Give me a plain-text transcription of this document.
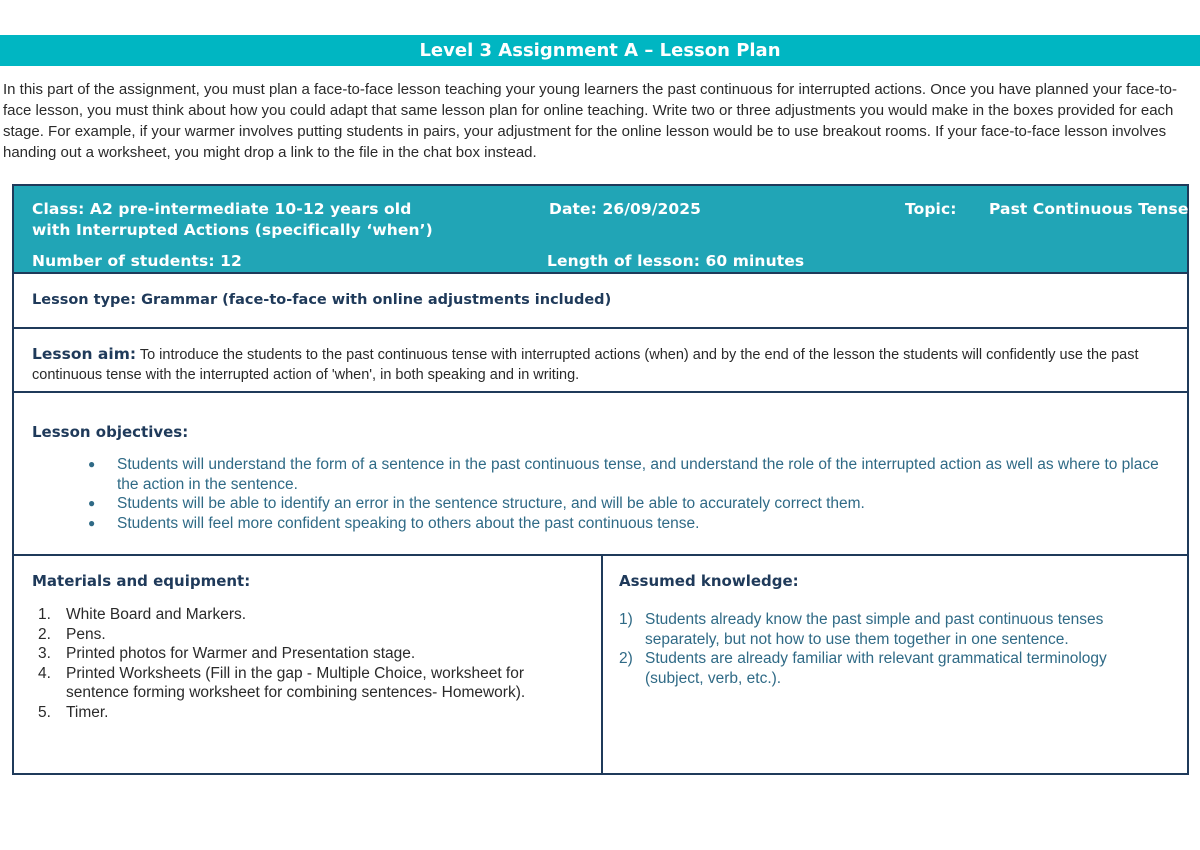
Level 3 Assignment A – Lesson Plan
In this part of the assignment, you must plan a face-to-face lesson teaching your young learners the past continuous for interrupted actions. Once you have planned your face-to-face lesson, you must think about how you could adapt that same lesson plan for online teaching. Write two or three adjustments you would make in the boxes provided for each stage. For example, if your warmer involves putting students in pairs, your adjustment for the online lesson would be to use breakout rooms. If your face-to-face lesson involves handing out a worksheet, you might drop a link to the file in the chat box instead.
Class: A2 pre-intermediate 10-12 years old
with Interrupted Actions (specifically ‘when’)
Date: 26/09/2025	Topic: Past Continuous Tense
Number of students: 12	Length of lesson: 60 minutes
Lesson type: Grammar (face-to-face with online adjustments included)
Lesson aim: To introduce the students to the past continuous tense with interrupted actions (when) and by the end of the lesson the students will confidently use the past continuous tense with the interrupted action of 'when', in both speaking and in writing.
Lesson objectives:
● Students will understand the form of a sentence in the past continuous tense, and understand the role of the interrupted action as well as where to place the action in the sentence.
● Students will be able to identify an error in the sentence structure, and will be able to accurately correct them.
● Students will feel more confident speaking to others about the past continuous tense.
Materials and equipment:
1. White Board and Markers.
2. Pens.
3. Printed photos for Warmer and Presentation stage.
4. Printed Worksheets (Fill in the gap - Multiple Choice, worksheet for sentence forming worksheet for combining sentences- Homework).
5. Timer.
Assumed knowledge:
1) Students already know the past simple and past continuous tenses separately, but not how to use them together in one sentence.
2) Students are already familiar with relevant grammatical terminology (subject, verb, etc.).
